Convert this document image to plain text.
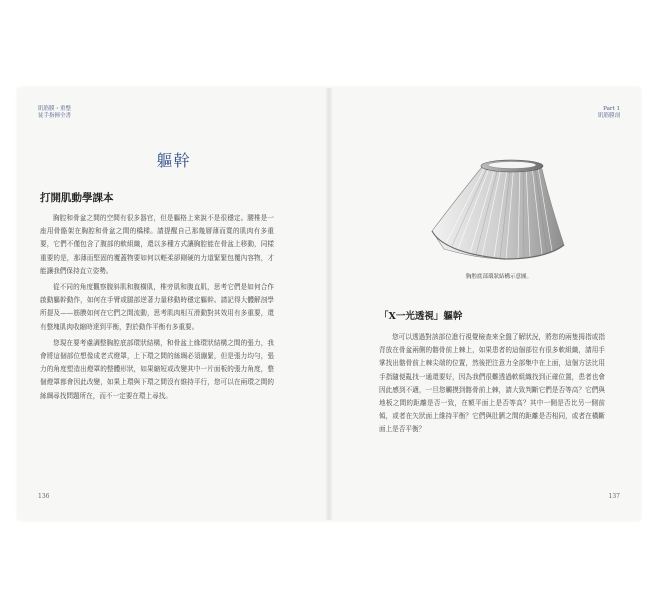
肌筋膜・重整
徒手指揮全書
軀幹
打開肌動學課本

胸腔和骨盆之間的空間有很多器官，但是軀格上來說不是很穩定。腰椎是一座用骨骼架在胸腔和骨盆之間的橋樑。請提醒自己那幾層薄而寬的肌肉有多重要，它們不僅包含了腹部的軟組織，還以多種方式讓胸腔能在骨盆上移動，同樣重要的是，那薄而堅固的覆蓋物要如何以輕柔卻剛硬的力道緊緊包覆內容物，才能讓我們保持直立姿勢。

從不同的角度觀察腹斜肌和腹橫肌，椎旁肌和腹直肌，思考它們是如何合作啟動軀幹動作，如何在手臂或腿部逆著力量移動時穩定軀幹。請記得大體解剖學所提及——筋膜如何在它們之間流動，思考肌肉相互滑動對其效用有多重要，還有整塊肌肉收縮時達到平衡，對於動作平衡有多重要。

您現在要考慮調整胸腔底部環狀結構，和骨盆上緣環狀結構之間的張力，我會將這個部位想像成老式燈罩，上下環之間的絲綢必須繃緊，但是張力均勻，張力的角度塑造出燈罩的整體形狀，如果縮短或改變其中一片面板的張力角度，整個燈罩都會因此改變，如果上環與下環之間沒有維持平行，您可以在兩環之間的絲綢尋找問題所在，而不一定要在環上尋找。

136
Part 1
肌筋膜剖
胸腔底部環狀結構示意圖。
「X一光透視」軀幹

您可以透過對該部位進行視覺檢查來全盤了解狀況，將您的兩隻拇指或指背放在骨盆兩側的髂骨前上棘上，如果患者的這個部位有很多軟組織，請用手掌找出髂骨前上棘尖端的位置，然後把注意力全部集中在上面，這個方法比用手指隨便亂找一通還要好，因為我們很難透過軟組織找到正確位置，患者也會因此感到不適，一旦您觸摸到髂骨前上棘，請大致判斷它們是否等高？它們與地板之間的距離是否一致，在額平面上是否等高？其中一側是否比另一側前傾，或者在矢狀面上維持平衡？它們與肚臍之間的距離是否相同，或者在橫斷面上是否平衡？

137
